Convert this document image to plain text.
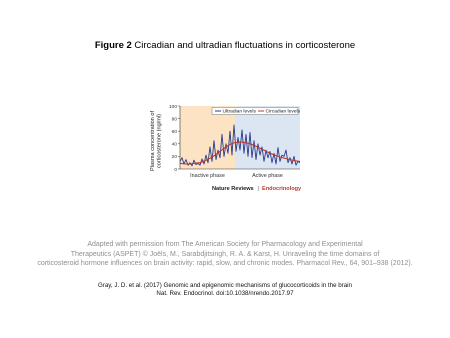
Figure 2 Circadian and ultradian fluctuations in corticosterone
Inactive phase	Active phase
0
20
40
60
80
100
Ultradian levels Circadian levels
Plasma concentration of corticosterone (ng/ml)
Nature Reviews | Endocrinology
Adapted with permission from The American Society for Pharmacology and Experimental
Therapeutics (ASPET) © Joëls, M., Sarabdjitsingh, R. A. & Karst, H. Unraveling the time domains of
corticosteroid hormone influences on brain activity: rapid, slow, and chronic modes. Pharmacol Rev., 64, 901–938 (2012).
Gray, J. D. et al. (2017) Genomic and epigenomic mechanisms of glucocorticoids in the brain
Nat. Rev. Endocrinol. doi:10.1038/nrendo.2017.97
